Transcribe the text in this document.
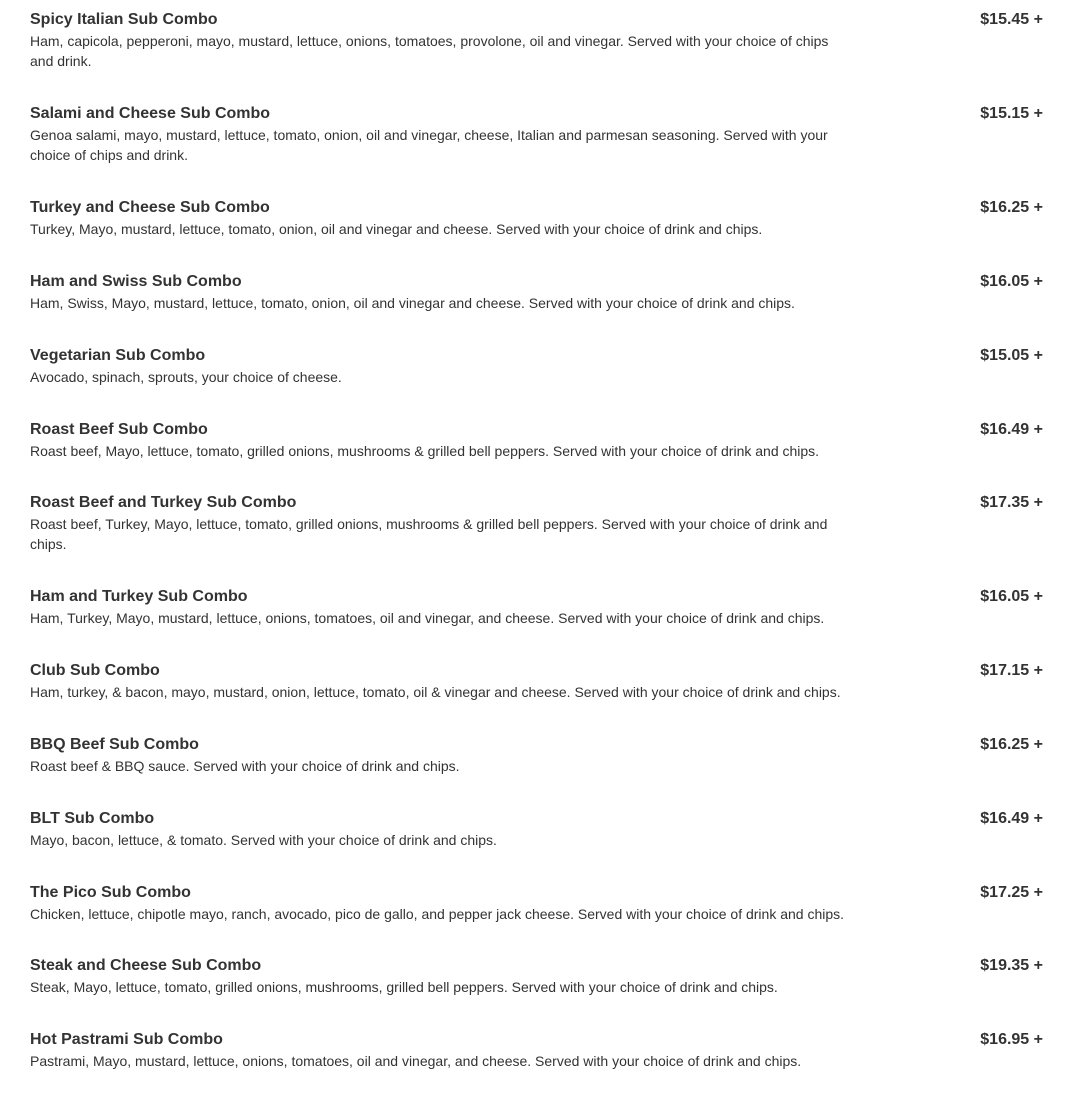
Spicy Italian Sub Combo
Ham, capicola, pepperoni, mayo, mustard, lettuce, onions, tomatoes, provolone, oil and vinegar. Served with your choice of chips and drink.
$15.45 +
Salami and Cheese Sub Combo
Genoa salami, mayo, mustard, lettuce, tomato, onion, oil and vinegar, cheese, Italian and parmesan seasoning. Served with your choice of chips and drink.
$15.15 +
Turkey and Cheese Sub Combo
Turkey, Mayo, mustard, lettuce, tomato, onion, oil and vinegar and cheese. Served with your choice of drink and chips.
$16.25 +
Ham and Swiss Sub Combo
Ham, Swiss, Mayo, mustard, lettuce, tomato, onion, oil and vinegar and cheese. Served with your choice of drink and chips.
$16.05 +
Vegetarian Sub Combo
Avocado, spinach, sprouts, your choice of cheese.
$15.05 +
Roast Beef Sub Combo
Roast beef, Mayo, lettuce, tomato, grilled onions, mushrooms & grilled bell peppers. Served with your choice of drink and chips.
$16.49 +
Roast Beef and Turkey Sub Combo
Roast beef, Turkey, Mayo, lettuce, tomato, grilled onions, mushrooms & grilled bell peppers. Served with your choice of drink and chips.
$17.35 +
Ham and Turkey Sub Combo
Ham, Turkey, Mayo, mustard, lettuce, onions, tomatoes, oil and vinegar, and cheese. Served with your choice of drink and chips.
$16.05 +
Club Sub Combo
Ham, turkey, & bacon, mayo, mustard, onion, lettuce, tomato, oil & vinegar and cheese. Served with your choice of drink and chips.
$17.15 +
BBQ Beef Sub Combo
Roast beef & BBQ sauce. Served with your choice of drink and chips.
$16.25 +
BLT Sub Combo
Mayo, bacon, lettuce, & tomato. Served with your choice of drink and chips.
$16.49 +
The Pico Sub Combo
Chicken, lettuce, chipotle mayo, ranch, avocado, pico de gallo, and pepper jack cheese. Served with your choice of drink and chips.
$17.25 +
Steak and Cheese Sub Combo
Steak, Mayo, lettuce, tomato, grilled onions, mushrooms, grilled bell peppers. Served with your choice of drink and chips.
$19.35 +
Hot Pastrami Sub Combo
Pastrami, Mayo, mustard, lettuce, onions, tomatoes, oil and vinegar, and cheese. Served with your choice of drink and chips.
$16.95 +
